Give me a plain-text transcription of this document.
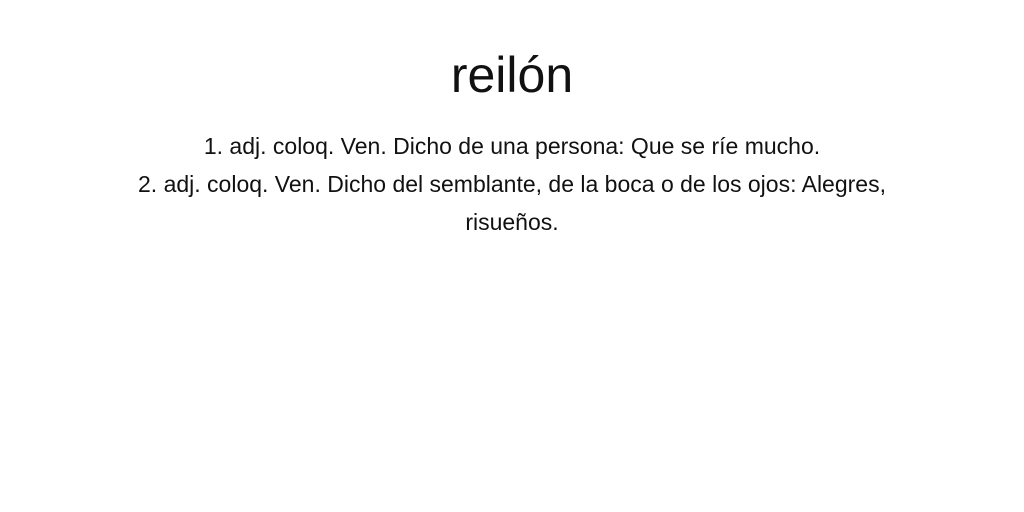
reilón
1. adj. coloq. Ven. Dicho de una persona: Que se ríe mucho.
2. adj. coloq. Ven. Dicho del semblante, de la boca o de los ojos: Alegres, risueños.
